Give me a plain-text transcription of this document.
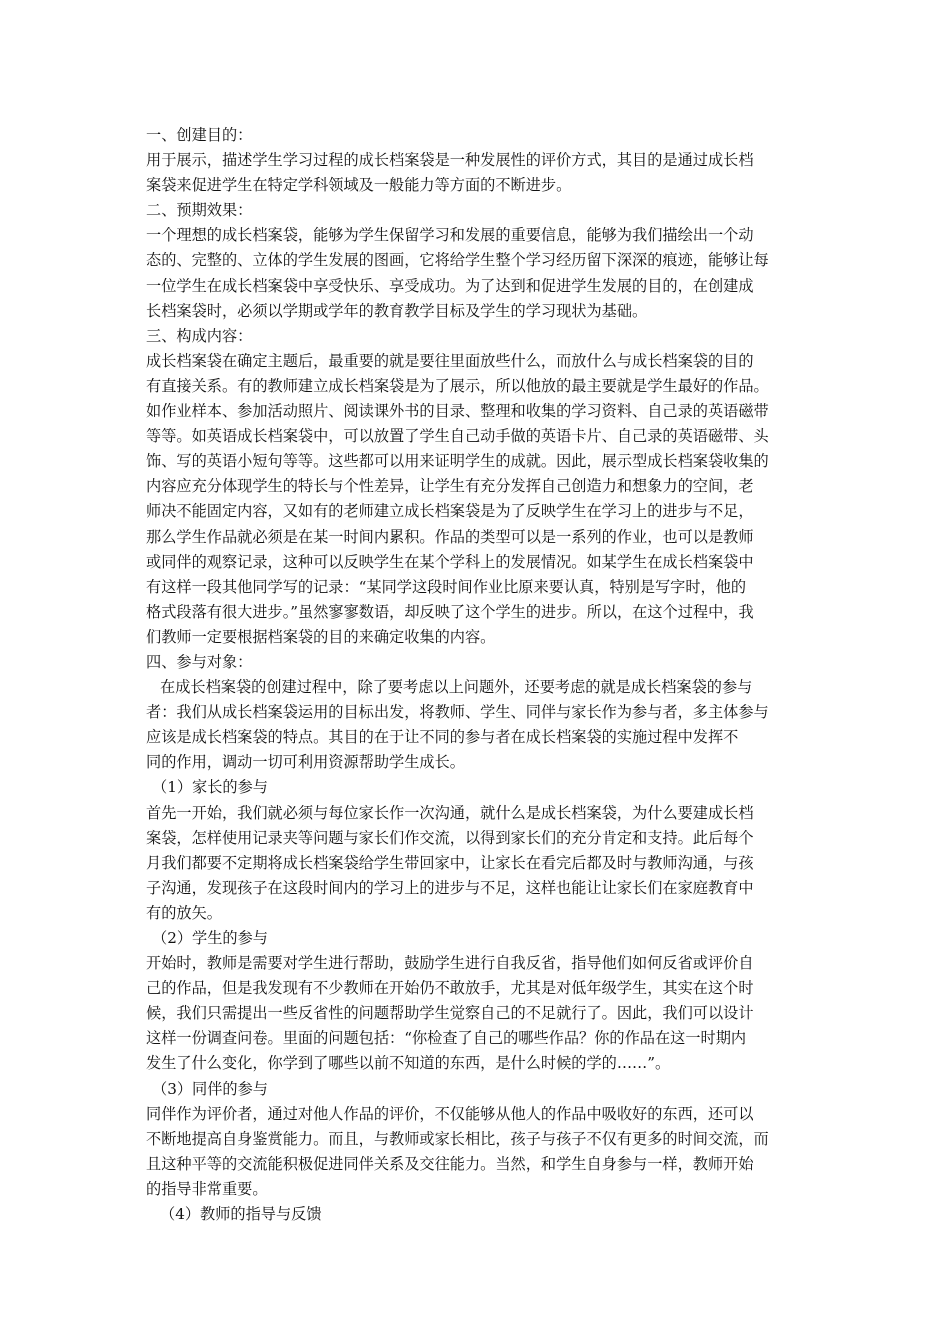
一、创建目的：
用于展示，描述学生学习过程的成长档案袋是一种发展性的评价方式，其目的是通过成长档
案袋来促进学生在特定学科领域及一般能力等方面的不断进步。
二、预期效果：
一个理想的成长档案袋，能够为学生保留学习和发展的重要信息，能够为我们描绘出一个动
态的、完整的、立体的学生发展的图画，它将给学生整个学习经历留下深深的痕迹，能够让每
一位学生在成长档案袋中享受快乐、享受成功。为了达到和促进学生发展的目的，在创建成
长档案袋时，必须以学期或学年的教育教学目标及学生的学习现状为基础。
三、构成内容：
成长档案袋在确定主题后，最重要的就是要往里面放些什么，而放什么与成长档案袋的目的
有直接关系。有的教师建立成长档案袋是为了展示，所以他放的最主要就是学生最好的作品。
如作业样本、参加活动照片、阅读课外书的目录、整理和收集的学习资料、自己录的英语磁带
等等。如英语成长档案袋中，可以放置了学生自己动手做的英语卡片、自己录的英语磁带、头
饰、写的英语小短句等等。这些都可以用来证明学生的成就。因此，展示型成长档案袋收集的
内容应充分体现学生的特长与个性差异，让学生有充分发挥自己创造力和想象力的空间，老
师决不能固定内容，又如有的老师建立成长档案袋是为了反映学生在学习上的进步与不足，
那么学生作品就必须是在某一时间内累积。作品的类型可以是一系列的作业，也可以是教师
或同伴的观察记录，这种可以反映学生在某个学科上的发展情况。如某学生在成长档案袋中
有这样一段其他同学写的记录：“某同学这段时间作业比原来要认真，特别是写字时，他的
格式段落有很大进步。”虽然寥寥数语，却反映了这个学生的进步。所以，在这个过程中，我
们教师一定要根据档案袋的目的来确定收集的内容。
四、参与对象：
在成长档案袋的创建过程中，除了要考虑以上问题外，还要考虑的就是成长档案袋的参与
者：我们从成长档案袋运用的目标出发，将教师、学生、同伴与家长作为参与者，多主体参与
应该是成长档案袋的特点。其目的在于让不同的参与者在成长档案袋的实施过程中发挥不
同的作用，调动一切可利用资源帮助学生成长。
（1）家长的参与
首先一开始，我们就必须与每位家长作一次沟通，就什么是成长档案袋，为什么要建成长档
案袋，怎样使用记录夹等问题与家长们作交流，以得到家长们的充分肯定和支持。此后每个
月我们都要不定期将成长档案袋给学生带回家中，让家长在看完后都及时与教师沟通，与孩
子沟通，发现孩子在这段时间内的学习上的进步与不足，这样也能让让家长们在家庭教育中
有的放矢。
（2）学生的参与
开始时，教师是需要对学生进行帮助，鼓励学生进行自我反省，指导他们如何反省或评价自
己的作品，但是我发现有不少教师在开始仍不敢放手，尤其是对低年级学生，其实在这个时
候，我们只需提出一些反省性的问题帮助学生觉察自己的不足就行了。因此，我们可以设计
这样一份调查问卷。里面的问题包括：“你检查了自己的哪些作品？你的作品在这一时期内
发生了什么变化，你学到了哪些以前不知道的东西，是什么时候的学的……”。
（3）同伴的参与
同伴作为评价者，通过对他人作品的评价，不仅能够从他人的作品中吸收好的东西，还可以
不断地提高自身鉴赏能力。而且，与教师或家长相比，孩子与孩子不仅有更多的时间交流，而
且这种平等的交流能积极促进同伴关系及交往能力。当然，和学生自身参与一样，教师开始
的指导非常重要。
（4）教师的指导与反馈
